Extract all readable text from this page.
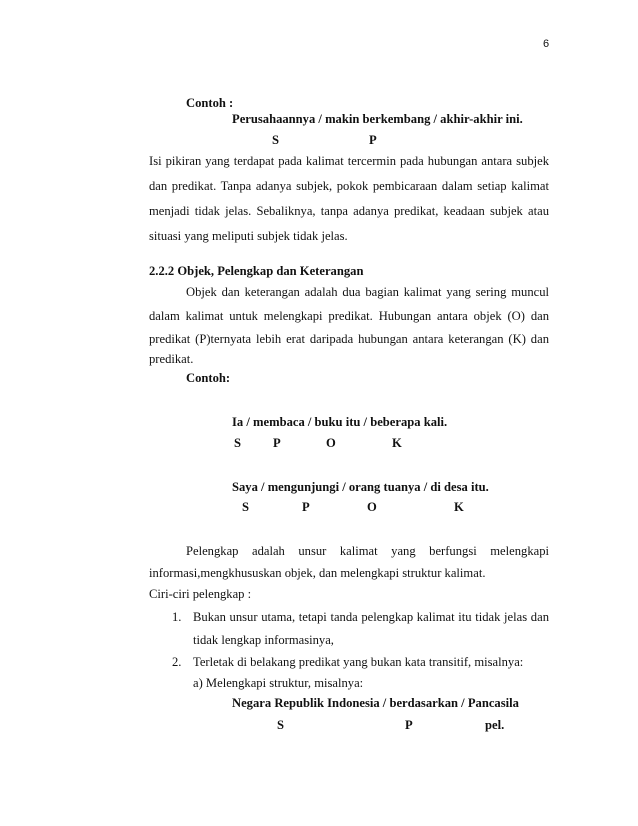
6
Contoh :
Perusahaannya / makin berkembang / akhir-akhir ini.
S	P
Isi pikiran yang terdapat pada kalimat tercermin pada hubungan antara subjek
dan predikat. Tanpa adanya subjek, pokok pembicaraan dalam setiap kalimat
menjadi tidak jelas. Sebaliknya, tanpa adanya predikat, keadaan subjek atau
situasi yang meliputi subjek tidak jelas.
2.2.2 Objek, Pelengkap dan Keterangan
Objek dan keterangan adalah dua bagian kalimat yang sering muncul
dalam kalimat untuk melengkapi predikat. Hubungan antara objek (O) dan
predikat (P)ternyata lebih erat daripada hubungan antara keterangan (K) dan
predikat.
Contoh:
Ia / membaca / buku itu / beberapa kali.
S	P	O	K
Saya / mengunjungi / orang tuanya / di desa itu.
S	P	O	K
Pelengkap adalah unsur kalimat yang berfungsi melengkapi
informasi,mengkhususkan objek, dan melengkapi struktur kalimat.
Ciri-ciri pelengkap :
1. Bukan unsur utama, tetapi tanda pelengkap kalimat itu tidak jelas dan
tidak lengkap informasinya,
2. Terletak di belakang predikat yang bukan kata transitif, misalnya:
a) Melengkapi struktur, misalnya:
Negara Republik Indonesia / berdasarkan / Pancasila
S	P	pel.
